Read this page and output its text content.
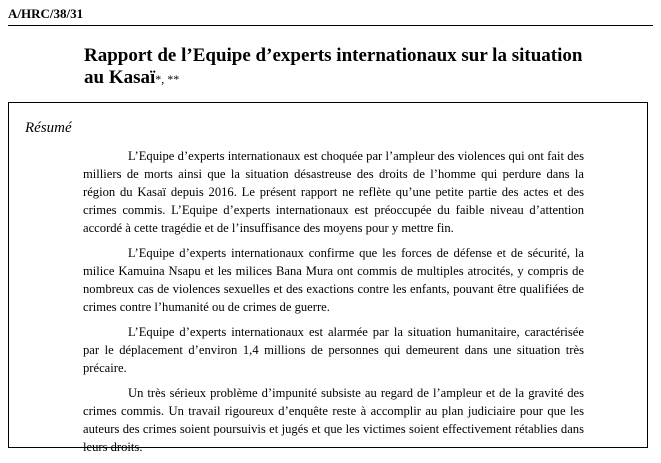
A/HRC/38/31
Rapport de l’Equipe d’experts internationaux sur la situation au Kasaï*, **
Résumé

L’Equipe d’experts internationaux est choquée par l’ampleur des violences qui ont fait des milliers de morts ainsi que la situation désastreuse des droits de l’homme qui perdure dans la région du Kasaï depuis 2016. Le présent rapport ne reflète qu’une petite partie des actes et des crimes commis. L’Equipe d’experts internationaux est préoccupée du faible niveau d’attention accordé à cette tragédie et de l’insuffisance des moyens pour y mettre fin.

L’Equipe d’experts internationaux confirme que les forces de défense et de sécurité, la milice Kamuina Nsapu et les milices Bana Mura ont commis de multiples atrocités, y compris de nombreux cas de violences sexuelles et des exactions contre les enfants, pouvant être qualifiées de crimes contre l’humanité ou de crimes de guerre.

L’Equipe d’experts internationaux est alarmée par la situation humanitaire, caractérisée par le déplacement d’environ 1,4 millions de personnes qui demeurent dans une situation très précaire.

Un très sérieux problème d’impunité subsiste au regard de l’ampleur et de la gravité des crimes commis. Un travail rigoureux d’enquête reste à accomplir au plan judiciaire pour que les auteurs des crimes soient poursuivis et jugés et que les victimes soient effectivement rétablies dans leurs droits.
